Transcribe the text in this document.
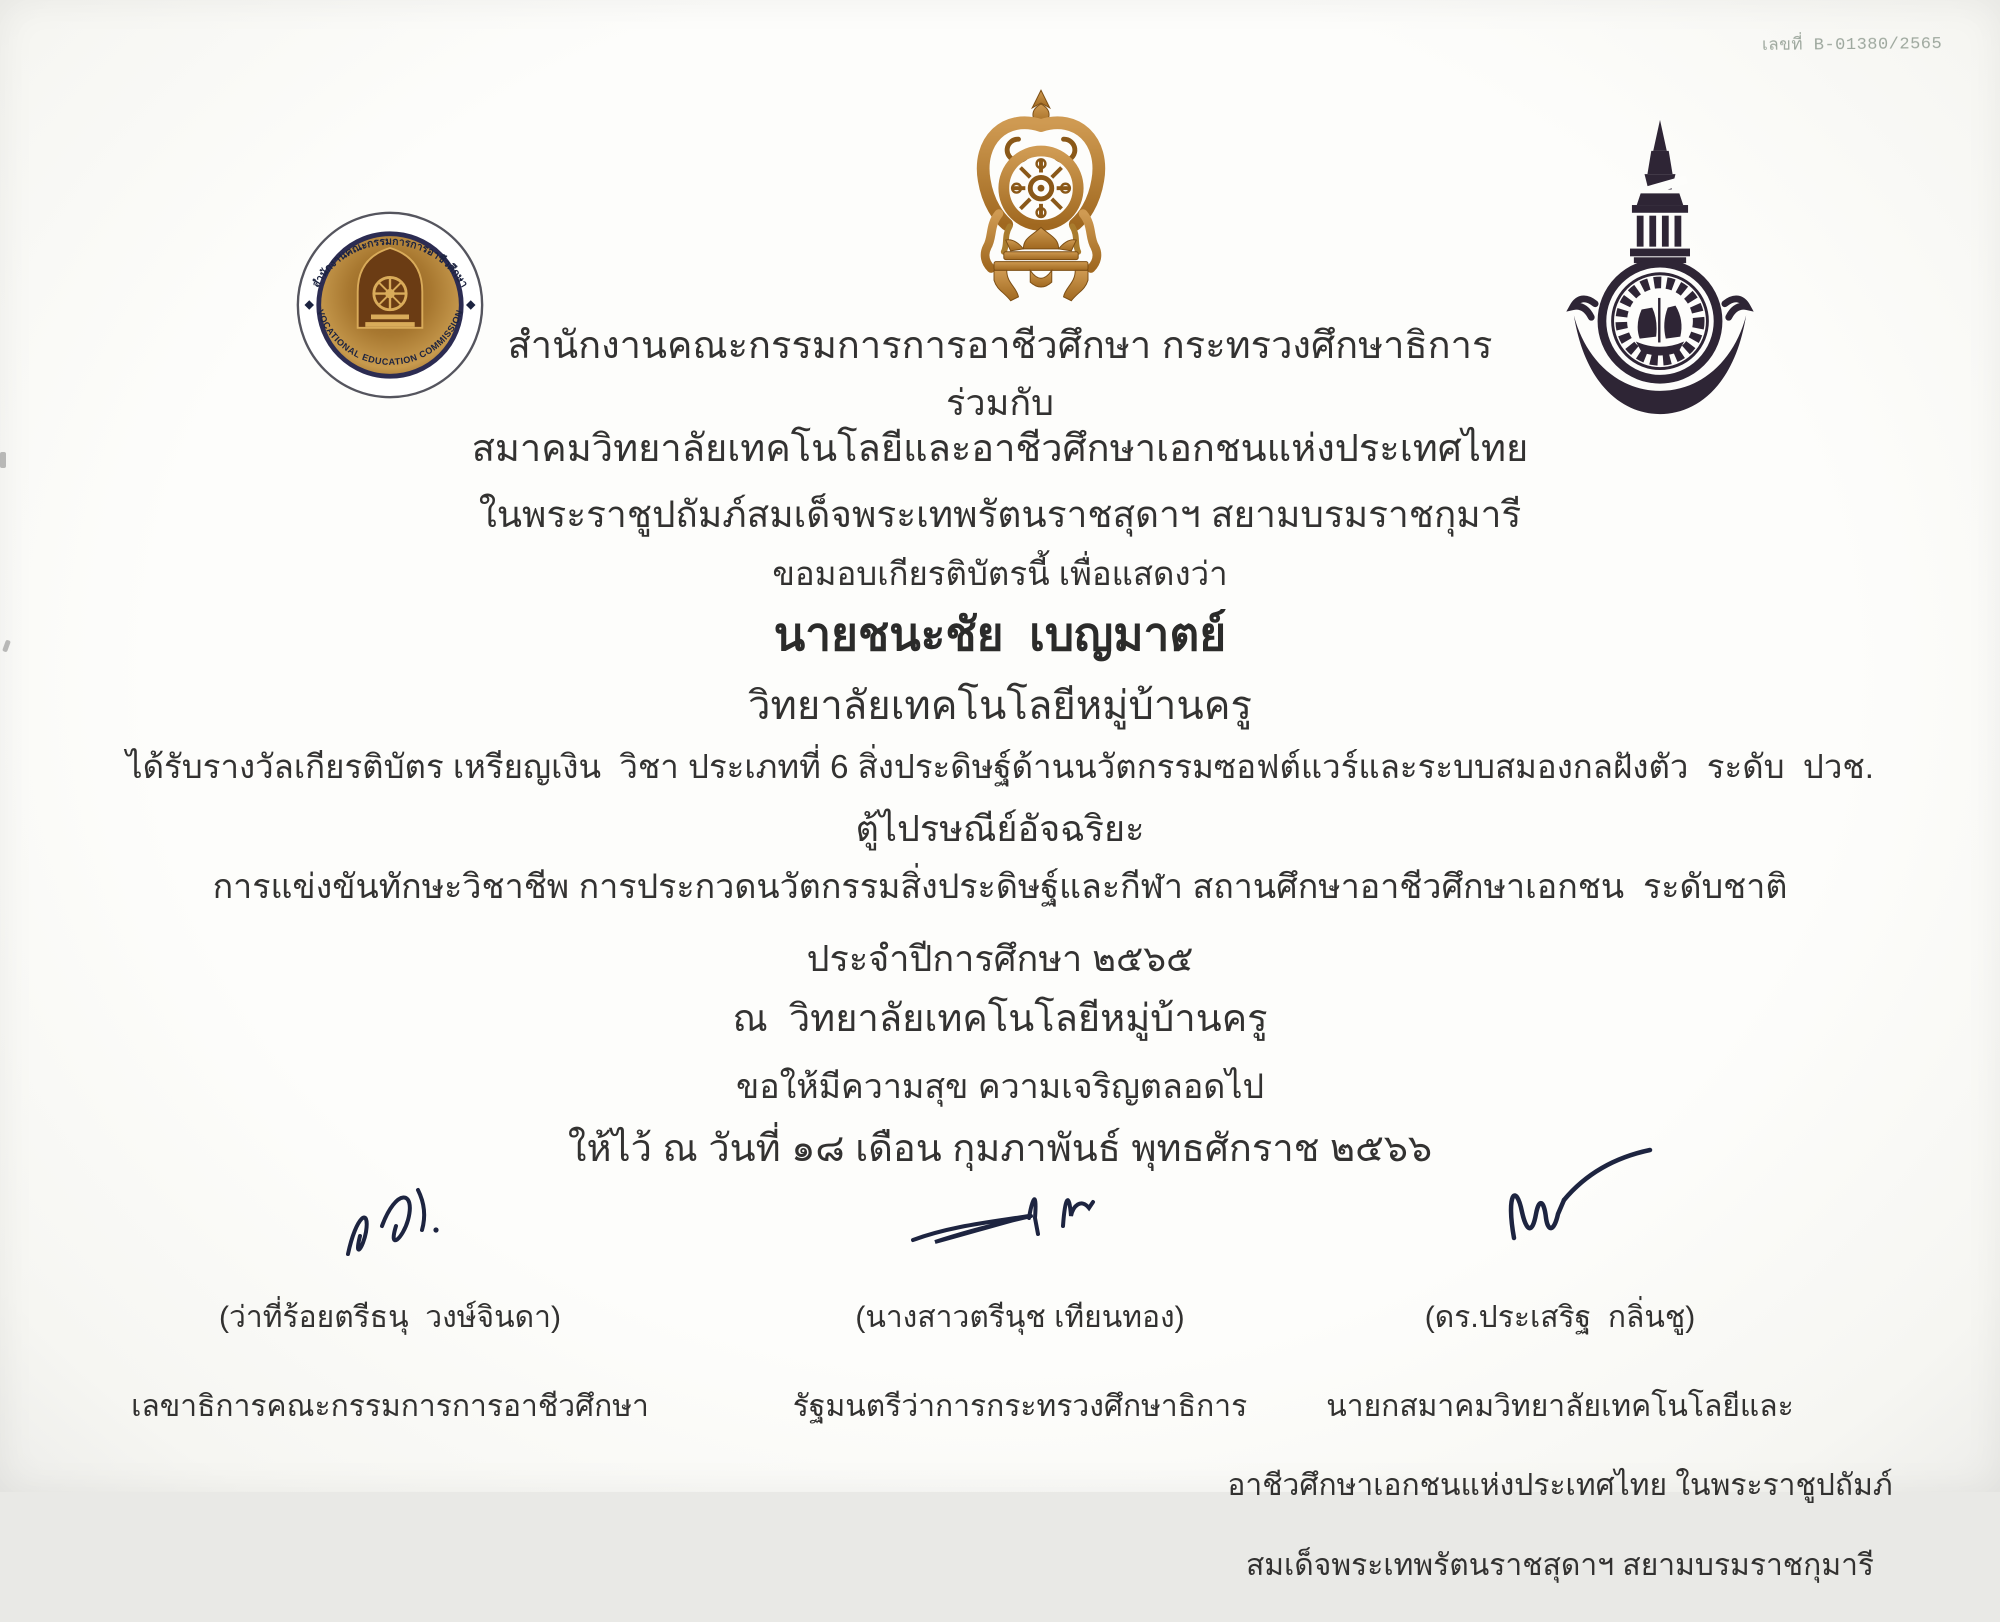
เลขที่ B-01380/2565
สำนักงานคณะกรรมการการอาชีวศึกษา
VOCATIONAL EDUCATION COMMISSION
สำนักงานคณะกรรมการการอาชีวศึกษา กระทรวงศึกษาธิการ
ร่วมกับ
สมาคมวิทยาลัยเทคโนโลยีและอาชีวศึกษาเอกชนแห่งประเทศไทย
ในพระราชูปถัมภ์สมเด็จพระเทพรัตนราชสุดาฯ สยามบรมราชกุมารี
ขอมอบเกียรติบัตรนี้ เพื่อแสดงว่า
นายชนะชัย  เบญมาตย์
วิทยาลัยเทคโนโลยีหมู่บ้านครู
ได้รับรางวัลเกียรติบัตร เหรียญเงิน  วิชา ประเภทที่ 6 สิ่งประดิษฐ์ด้านนวัตกรรมซอฟต์แวร์และระบบสมองกลฝังตัว  ระดับ  ปวช.
ตู้ไปรษณีย์อัจฉริยะ
การแข่งขันทักษะวิชาชีพ การประกวดนวัตกรรมสิ่งประดิษฐ์และกีฬา สถานศึกษาอาชีวศึกษาเอกชน  ระดับชาติ
ประจำปีการศึกษา ๒๕๖๕
ณ  วิทยาลัยเทคโนโลยีหมู่บ้านครู
ขอให้มีความสุข ความเจริญตลอดไป
ให้ไว้ ณ วันที่ ๑๘ เดือน กุมภาพันธ์ พุทธศักราช ๒๕๖๖

(ว่าที่ร้อยตรีธนุ  วงษ์จินดา)

เลขาธิการคณะกรรมการการอาชีวศึกษา

(นางสาวตรีนุช เทียนทอง)

รัฐมนตรีว่าการกระทรวงศึกษาธิการ

(ดร.ประเสริฐ  กลิ่นชู)

นายกสมาคมวิทยาลัยเทคโนโลยีและ

อาชีวศึกษาเอกชนแห่งประเทศไทย ในพระราชูปถัมภ์

สมเด็จพระเทพรัตนราชสุดาฯ สยามบรมราชกุมารี
